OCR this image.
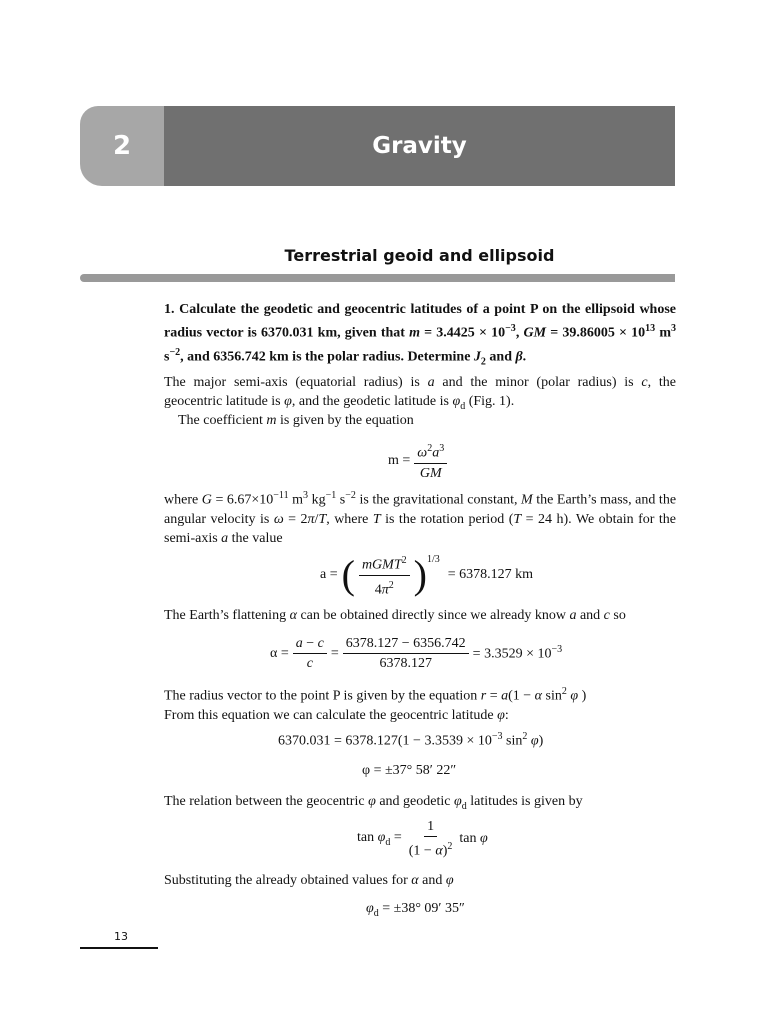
2	Gravity
Terrestrial geoid and ellipsoid

1. Calculate the geodetic and geocentric latitudes of a point P on the ellipsoid whose radius vector is 6370.031 km, given that $m = 3.4425 \times 10^{-3}$, GM = $39.86005 \times 10^{13}$ $m^3$ $s^{-2}$, and 6356.742 km is the polar radius. Determine $J_2$ and β.

The major semi-axis (equatorial radius) is a and the minor (polar radius) is c, the geocentric latitude is φ, and the geodetic latitude is $\varphi_d$ (Fig. 1).

The coefficient m is given by the equation

$m = \frac{\omega^2a^3}{GM}$

where $G = 6.67\times 10^{-11}$ $m^3$ $kg^{-1}$ $s^{-2}$ is the gravitational constant, M the Earth’s mass, and the angular velocity is ω = 2π/T, where T is the rotation period (T = 24 h). We obtain for the semi-axis a the value

a = ( $\frac{mGMT^2}{4\pi^2} )^{1/3}$
= 6378.127 km

The Earth’s flattening α can be obtained directly since we already know a and c so

$\alpha = \frac{a - c}{c} = \frac{6378.127 - 6356.742}{6378.127} = 3.3529 \times 10^{-3}$

The radius vector to the point P is given by the equation r = a(1 − α $\sin^2 \varphi$ )
From this equation we can calculate the geocentric latitude φ:

$6370.031 = 6378.127(1 - 3.3539 \times 10^{-3}$ $\sin^2 \varphi$)
φ = ±37° 58′ 22″

The relation between the geocentric φ and geodetic $\varphi_d$ latitudes is given by

$\tan \varphi_d = \frac{1}{(1 - \alpha)^2}$ tan φ

Substituting the already obtained values for α and φ

$\varphi_d = \pm 38^\circ$ 09′ 35″
13
